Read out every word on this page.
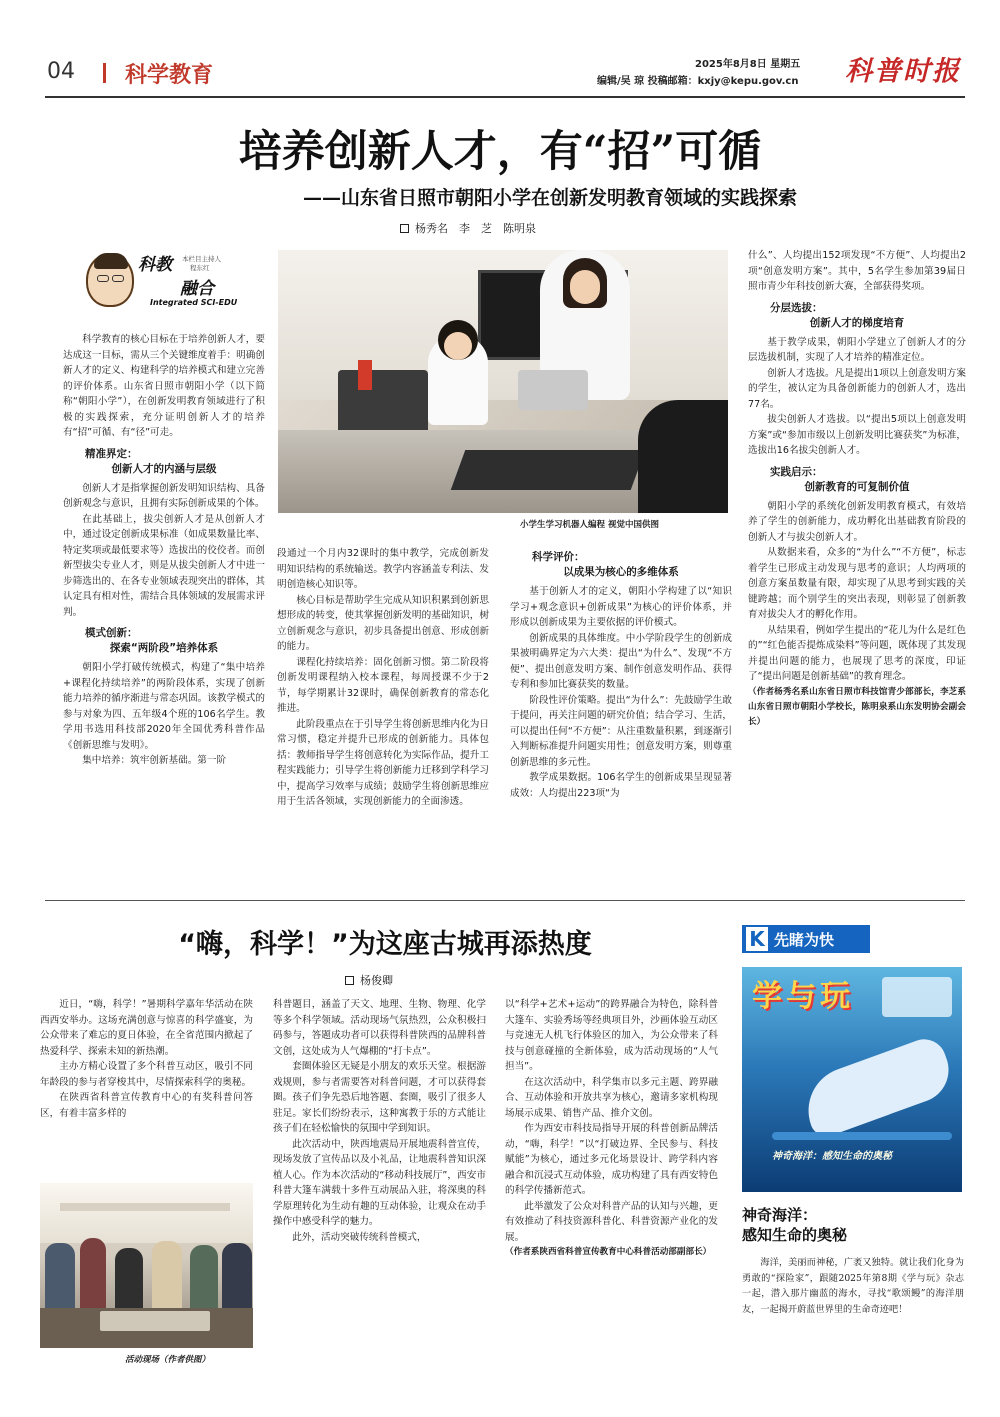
04 科学教育	2025年8月8日 星期五
编辑/吴 琼 投稿邮箱：kxjy@kepu.gov.cn 科普时报
培养创新人才，有“招”可循
——山东省日照市朝阳小学在创新发明教育领域的实践探索
杨秀名　李　芝　陈明泉
科教 本栏目主持人
程东红
融合
Integrated SCI-EDU
小学生学习机器人编程 视觉中国供图

科学教育的核心目标在于培养创新人才，要达成这一目标，需从三个关键维度着手：明确创新人才的定义、构建科学的培养模式和建立完善的评价体系。山东省日照市朝阳小学（以下简称“朝阳小学”），在创新发明教育领域进行了积极的实践探索，充分证明创新人才的培养有“招”可循、有“径”可走。

精准界定：
创新人才的内涵与层级

创新人才是指掌握创新发明知识结构、具备创新观念与意识，且拥有实际创新成果的个体。

在此基础上，拔尖创新人才是从创新人才中，通过设定创新成果标准（如成果数量比率、特定奖项或最低要求等）选拔出的佼佼者。而创新型拔尖专业人才，则是从拔尖创新人才中进一步筛选出的、在各专业领域表现突出的群体，其认定具有相对性，需结合具体领域的发展需求评判。

模式创新：
探索“两阶段”培养体系

朝阳小学打破传统模式，构建了“集中培养+课程化持续培养”的两阶段体系，实现了创新能力培养的循序渐进与常态巩固。该教学模式的参与对象为四、五年级4个班的106名学生。教学用书选用科技部2020年全国优秀科普作品《创新思维与发明》。

集中培养：筑牢创新基础。第一阶

段通过一个月内32课时的集中教学，完成创新发明知识结构的系统输送。教学内容涵盖专利法、发明创造核心知识等。

核心目标是帮助学生完成从知识积累到创新思想形成的转变，使其掌握创新发明的基础知识，树立创新观念与意识，初步具备提出创意、形成创新的能力。

课程化持续培养：固化创新习惯。第二阶段将创新发明课程纳入校本课程，每周授课不少于2节，每学期累计32课时，确保创新教育的常态化推进。

此阶段重点在于引导学生将创新思维内化为日常习惯，稳定并提升已形成的创新能力。具体包括：教师指导学生将创意转化为实际作品，提升工程实践能力；引导学生将创新能力迁移到学科学习中，提高学习效率与成绩；鼓励学生将创新思维应用于生活各领域，实现创新能力的全面渗透。

科学评价：
以成果为核心的多维体系

基于创新人才的定义，朝阳小学构建了以“知识学习+观念意识+创新成果”为核心的评价体系，并形成以创新成果为主要依据的评价模式。

创新成果的具体维度。中小学阶段学生的创新成果被明确界定为六大类：提出“为什么”、发现“不方便”、提出创意发明方案、制作创意发明作品、获得专利和参加比赛获奖的数量。

阶段性评价策略。提出“为什么”：先鼓励学生敢于提问，再关注问题的研究价值；结合学习、生活，可以提出任何“不方便”：从注重数量积累，到逐渐引入判断标准提升问题实用性；创意发明方案，则尊重创新思维的多元性。

教学成果数据。106名学生的创新成果呈现显著成效：人均提出223项“为

什么”、人均提出152项发现“不方便”、人均提出2项“创意发明方案”。其中，5名学生参加第39届日照市青少年科技创新大赛，全部获得奖项。

分层选拔：
创新人才的梯度培育

基于教学成果，朝阳小学建立了创新人才的分层选拔机制，实现了人才培养的精准定位。

创新人才选拔。凡是提出1项以上创意发明方案的学生，被认定为具备创新能力的创新人才，选出77名。

拔尖创新人才选拔。以“提出5项以上创意发明方案”或“参加市级以上创新发明比赛获奖”为标准，选拔出16名拔尖创新人才。

实践启示：
创新教育的可复制价值

朝阳小学的系统化创新发明教育模式，有效培养了学生的创新能力，成功孵化出基础教育阶段的创新人才与拔尖创新人才。

从数据来看，众多的“为什么”“不方便”，标志着学生已形成主动发现与思考的意识；人均两项的创意方案虽数量有限，却实现了从思考到实践的关键跨越；而个别学生的突出表现，则彰显了创新教育对拔尖人才的孵化作用。

从结果看，例如学生提出的“花儿为什么是红色的”“红色能否提炼成染料”等问题，既体现了其发现并提出问题的能力，也展现了思考的深度，印证了“提出问题是创新基础”的教育理念。

（作者杨秀名系山东省日照市科技馆青少部部长，李芝系山东省日照市朝阳小学校长，陈明泉系山东发明协会副会长）

“嗨，科学！”为这座古城再添热度
杨俊卿

近日，“嗨，科学！”暑期科学嘉年华活动在陕西西安举办。这场充满创意与惊喜的科学盛宴，为公众带来了难忘的夏日体验，在全省范围内掀起了热爱科学、探索未知的新热潮。

主办方精心设置了多个科普互动区，吸引不同年龄段的参与者穿梭其中，尽情探索科学的奥秘。

在陕西省科普宣传教育中心的有奖科普问答区，有着丰富多样的

活动现场（作者供图）

科普题目，涵盖了天文、地理、生物、物理、化学等多个科学领域。活动现场气氛热烈，公众积极扫码参与，答题成功者可以获得科普陕西的品牌科普文创，这处成为人气爆棚的“打卡点”。

套圈体验区无疑是小朋友的欢乐天堂。根据游戏规则，参与者需要答对科普问题，才可以获得套圈。孩子们争先恐后地答题、套圈，吸引了很多人驻足。家长们纷纷表示，这种寓教于乐的方式能让孩子们在轻松愉快的氛围中学到知识。

此次活动中，陕西地震局开展地震科普宣传，现场发放了宣传品以及小礼品，让地震科普知识深植人心。作为本次活动的“移动科技展厅”，西安市科普大篷车满载十多件互动展品入驻，将深奥的科学原理转化为生动有趣的互动体验，让观众在动手操作中感受科学的魅力。

此外，活动突破传统科普模式，

以“科学+艺术+运动”的跨界融合为特色，除科普大篷车、实验秀场等经典项目外，沙画体验互动区与竞速无人机飞行体验区的加入，为公众带来了科技与创意碰撞的全新体验，成为活动现场的“人气担当”。

在这次活动中，科学集市以多元主题、跨界融合、互动体验和开放共享为核心，邀请多家机构现场展示成果、销售产品、推介文创。

作为西安市科技局指导开展的科普创新品牌活动，“嗨，科学！”以“打破边界、全民参与、科技赋能”为核心，通过多元化场景设计、跨学科内容融合和沉浸式互动体验，成功构建了具有西安特色的科学传播新范式。

此举激发了公众对科普产品的认知与兴趣，更有效推动了科技资源科普化、科普资源产业化的发展。

（作者系陕西省科普宣传教育中心科普活动部副部长）

K 先睹为快
学与玩
神奇海洋：感知生命的奥秘
神奇海洋：
感知生命的奥秘

海洋，美丽而神秘，广袤又独特。就让我们化身为勇敢的“探险家”，跟随2025年第8期《学与玩》杂志一起，潜入那片幽蓝的海水，寻找“歌颂鳗”的海洋朋友，一起揭开蔚蓝世界里的生命奇迹吧！
